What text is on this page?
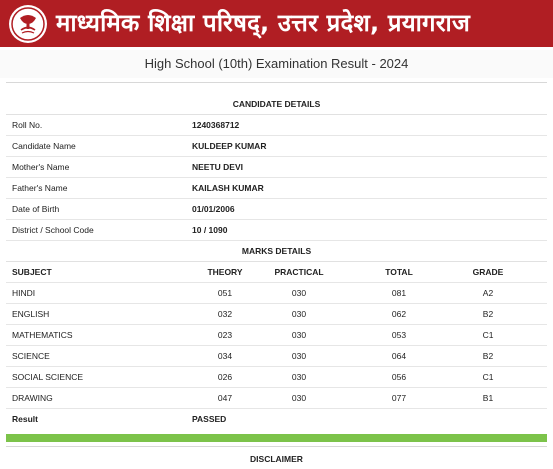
माध्यमिक शिक्षा परिषद्, उत्तर प्रदेश, प्रयागराज
High School (10th) Examination Result - 2024
CANDIDATE DETAILS
Roll No.	1240368712
Candidate Name	KULDEEP KUMAR
Mother's Name	NEETU DEVI
Father's Name	KAILASH KUMAR
Date of Birth	01/01/2006
District / School Code	10 / 1090
MARKS DETAILS
SUBJECT	THEORY	PRACTICAL	TOTAL	GRADE
HINDI	051	030	081	A2
ENGLISH	032	030	062	B2
MATHEMATICS	023	030	053	C1
SCIENCE	034	030	064	B2
SOCIAL SCIENCE	026	030	056	C1
DRAWING	047	030	077	B1
Result	PASSED
DISCLAIMER
